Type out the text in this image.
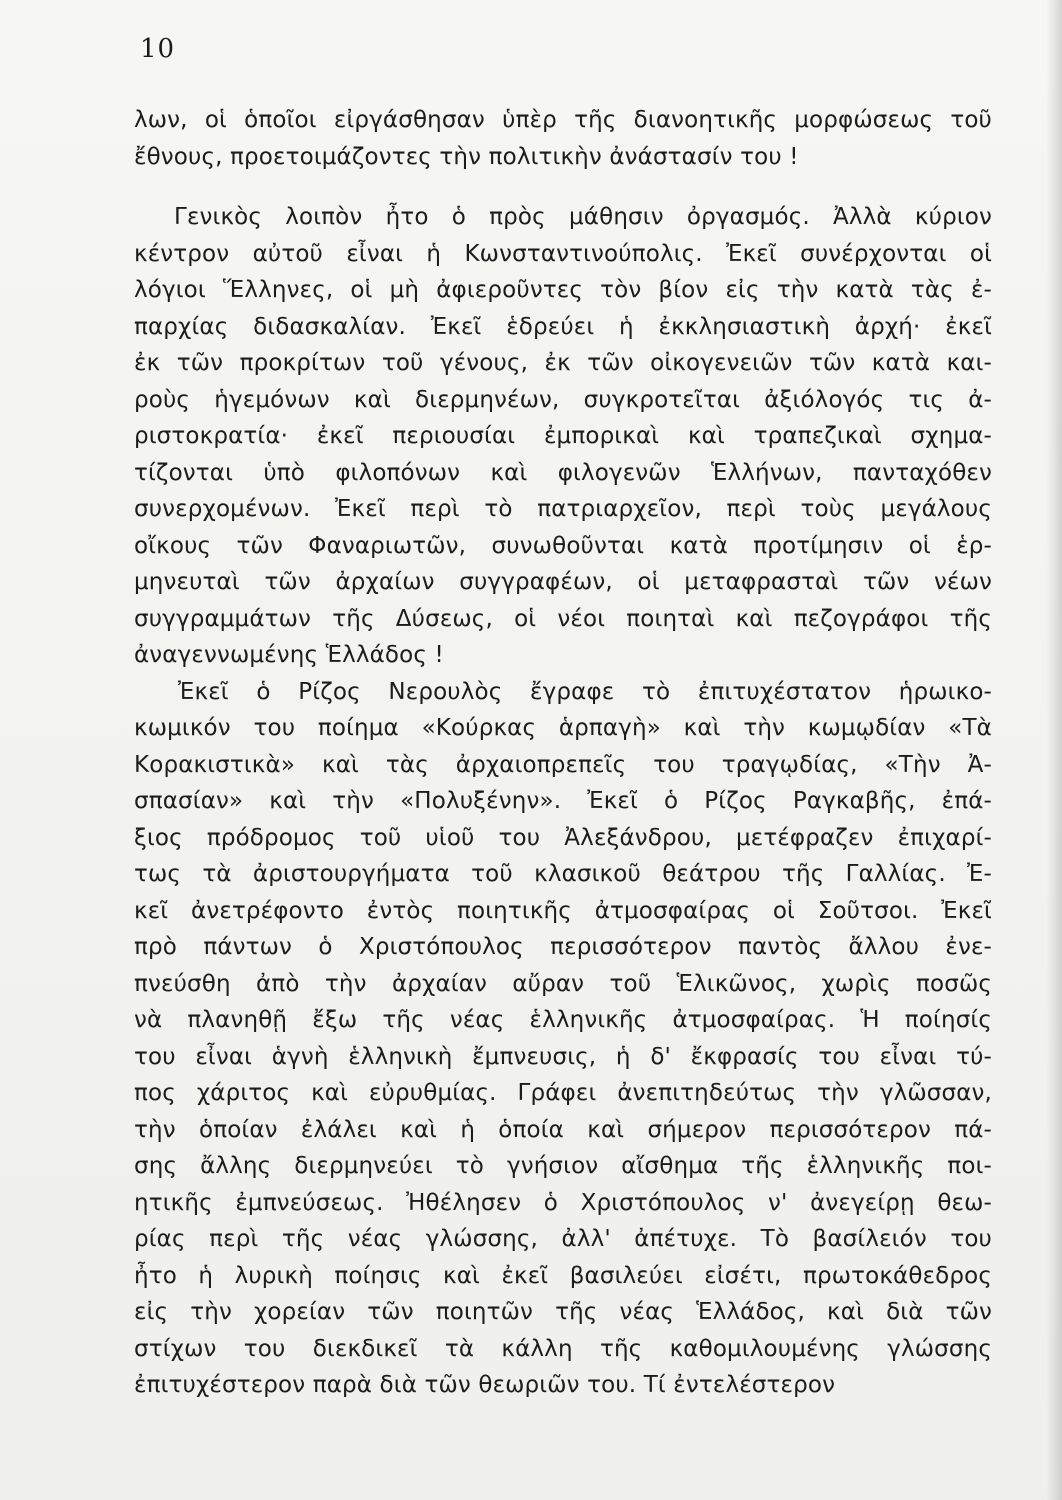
10
λων, οἱ ὁποῖοι εἰργάσθησαν ὑπὲρ τῆς διανοητικῆς μορφώσεως τοῦ
ἔθνους, προετοιμάζοντες τὴν πολιτικὴν ἀνάστασίν του !
Γενικὸς λοιπὸν ἦτο ὁ πρὸς μάθησιν ὀργασμός. Ἀλλὰ κύριον
κέντρον αὐτοῦ εἶναι ἡ Κωνσταντινούπολις. Ἐκεῖ συνέρχονται οἱ
λόγιοι Ἕλληνες, οἱ μὴ ἀφιεροῦντες τὸν βίον εἰς τὴν κατὰ τὰς ἐ-
παρχίας διδασκαλίαν. Ἐκεῖ ἑδρεύει ἡ ἐκκλησιαστικὴ ἀρχή· ἐκεῖ
ἐκ τῶν προκρίτων τοῦ γένους, ἐκ τῶν οἰκογενειῶν τῶν κατὰ και-
ροὺς ἡγεμόνων καὶ διερμηνέων, συγκροτεῖται ἀξιόλογός τις ἀ-
ριστοκρατία· ἐκεῖ περιουσίαι ἐμπορικαὶ καὶ τραπεζικαὶ σχημα-
τίζονται ὑπὸ φιλοπόνων καὶ φιλογενῶν Ἑλλήνων, πανταχόθεν
συνερχομένων. Ἐκεῖ περὶ τὸ πατριαρχεῖον, περὶ τοὺς μεγάλους
οἴκους τῶν Φαναριωτῶν, συνωθοῦνται κατὰ προτίμησιν οἱ ἑρ-
μηνευταὶ τῶν ἀρχαίων συγγραφέων, οἱ μεταφρασταὶ τῶν νέων
συγγραμμάτων τῆς Δύσεως, οἱ νέοι ποιηταὶ καὶ πεζογράφοι τῆς
ἀναγεννωμένης Ἑλλάδος !
Ἐκεῖ ὁ Ρίζος Νερουλὸς ἔγραφε τὸ ἐπιτυχέστατον ἡρωικο-
κωμικόν του ποίημα «Κούρκας ἁρπαγὴ» καὶ τὴν κωμῳδίαν «Τὰ
Κορακιστικὰ» καὶ τὰς ἀρχαιοπρεπεῖς του τραγῳδίας, «Τὴν Ἀ-
σπασίαν» καὶ τὴν «Πολυξένην». Ἐκεῖ ὁ Ρίζος Ραγκαβῆς, ἐπά-
ξιος πρόδρομος τοῦ υἱοῦ του Ἀλεξάνδρου, μετέφραζεν ἐπιχαρί-
τως τὰ ἀριστουργήματα τοῦ κλασικοῦ θεάτρου τῆς Γαλλίας. Ἐ-
κεῖ ἀνετρέφοντο ἐντὸς ποιητικῆς ἀτμοσφαίρας οἱ Σοῦτσοι. Ἐκεῖ
πρὸ πάντων ὁ Χριστόπουλος περισσότερον παντὸς ἄλλου ἐνε-
πνεύσθη ἀπὸ τὴν ἀρχαίαν αὔραν τοῦ Ἑλικῶνος, χωρὶς ποσῶς
νὰ πλανηθῇ ἔξω τῆς νέας ἑλληνικῆς ἀτμοσφαίρας. Ἡ ποίησίς
του εἶναι ἁγνὴ ἑλληνικὴ ἔμπνευσις, ἡ δ' ἔκφρασίς του εἶναι τύ-
πος χάριτος καὶ εὐρυθμίας. Γράφει ἀνεπιτηδεύτως τὴν γλῶσσαν,
τὴν ὁποίαν ἐλάλει καὶ ἡ ὁποία καὶ σήμερον περισσότερον πά-
σης ἄλλης διερμηνεύει τὸ γνήσιον αἴσθημα τῆς ἑλληνικῆς ποι-
ητικῆς ἐμπνεύσεως. Ἠθέλησεν ὁ Χριστόπουλος ν' ἀνεγείρῃ θεω-
ρίας περὶ τῆς νέας γλώσσης, ἀλλ' ἀπέτυχε. Τὸ βασίλειόν του
ἦτο ἡ λυρικὴ ποίησις καὶ ἐκεῖ βασιλεύει εἰσέτι, πρωτοκάθεδρος
εἰς τὴν χορείαν τῶν ποιητῶν τῆς νέας Ἑλλάδος, καὶ διὰ τῶν
στίχων του διεκδικεῖ τὰ κάλλη τῆς καθομιλουμένης γλώσσης
ἐπιτυχέστερον παρὰ διὰ τῶν θεωριῶν του. Τί ἐντελέστερον
